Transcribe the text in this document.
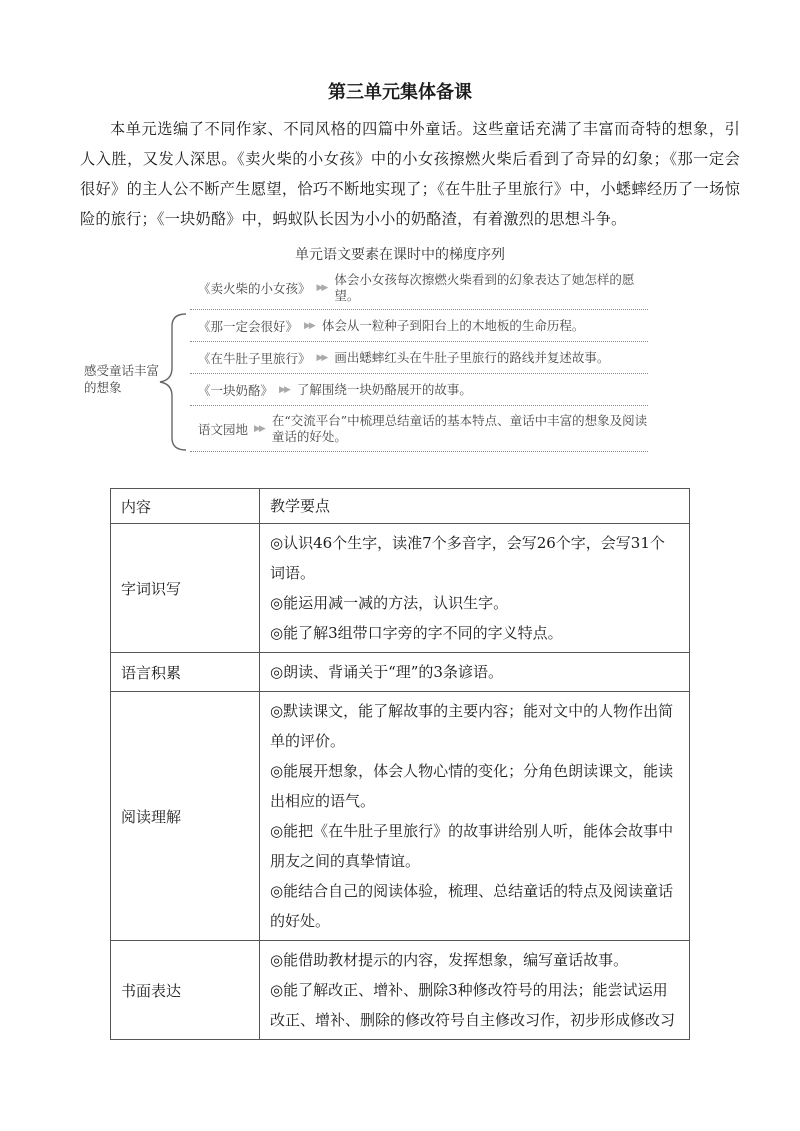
第三单元集体备课
本单元选编了不同作家、不同风格的四篇中外童话。这些童话充满了丰富而奇特的想象，引人入胜，又发人深思。《卖火柴的小女孩》中的小女孩擦燃火柴后看到了奇异的幻象；《那一定会很好》的主人公不断产生愿望，恰巧不断地实现了；《在牛肚子里旅行》中，小蟋蟀经历了一场惊险的旅行；《一块奶酪》中，蚂蚁队长因为小小的奶酪渣，有着激烈的思想斗争。
单元语文要素在课时中的梯度序列
感受童话丰富的想象
《卖火柴的小女孩》 ▶▶
体会小女孩每次擦燃火柴看到的幻象表达了她怎样的愿望。
《那一定会很好》 ▶▶ 体会从一粒种子到阳台上的木地板的生命历程。
《在牛肚子里旅行》 ▶▶ 画出蟋蟀红头在牛肚子里旅行的路线并复述故事。
《一块奶酪》 ▶▶ 了解围绕一块奶酪展开的故事。
语文园地 ▶▶
在“交流平台”中梳理总结童话的基本特点、童话中丰富的想象及阅读童话的好处。
内容	教学要点
字词识写	◎认识46个生字，读准7个多音字，会写26个字，会写31个词语。
◎能运用减一减的方法，认识生字。
◎能了解3组带口字旁的字不同的字义特点。

语言积累	◎朗读、背诵关于“理”的3条谚语。

阅读理解	◎默读课文，能了解故事的主要内容；能对文中的人物作出简单的评价。
◎能展开想象，体会人物心情的变化；分角色朗读课文，能读出相应的语气。
◎能把《在牛肚子里旅行》的故事讲给别人听，能体会故事中朋友之间的真挚情谊。
◎能结合自己的阅读体验，梳理、总结童话的特点及阅读童话的好处。

书面表达	◎能借助教材提示的内容，发挥想象，编写童话故事。
◎能了解改正、增补、删除3种修改符号的用法；能尝试运用改正、增补、删除的修改符号自主修改习作，初步形成修改习
